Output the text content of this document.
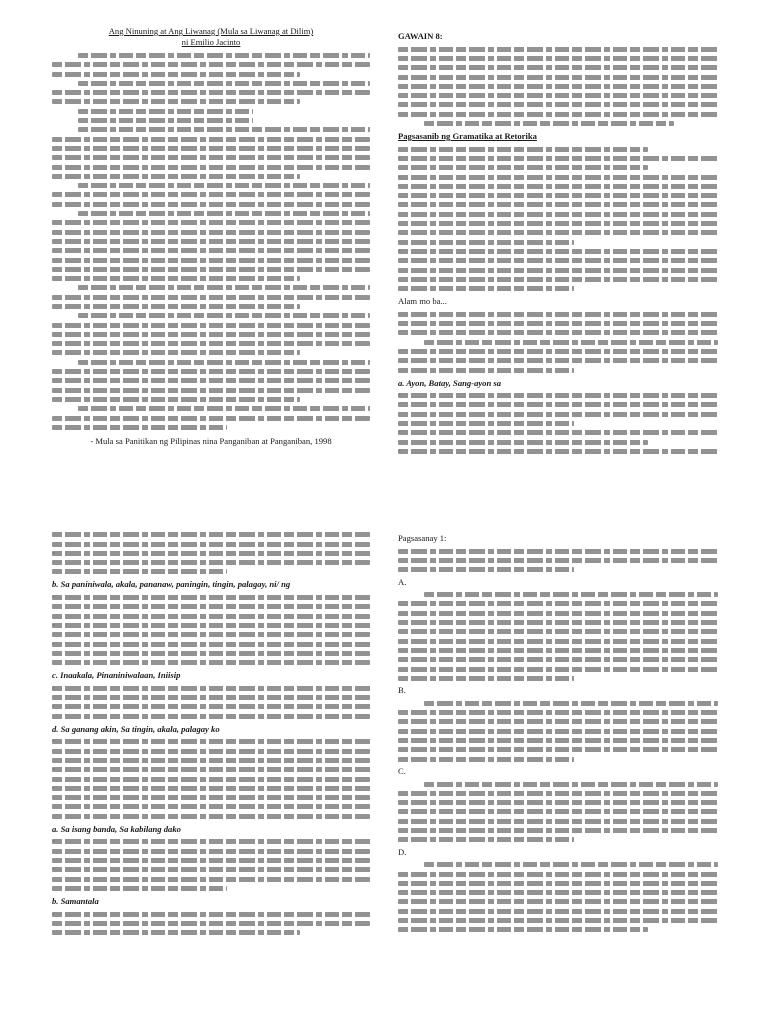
Ang Ninuning at Ang Liwanag (Mula sa Liwanag at Dilim)

ni Emilio Jacinto

- Mula sa Panitikan ng Pilipinas nina Panganiban at Panganiban, 1998

GAWAIN 8:

Pagsasanib ng Gramatika at Retorika

•
•
•

Alam mo ba...

a. Ayon, Batay, Sang-ayon sa

•
•
•
•

b. Sa paniniwala, akala, pananaw, paningin, tingin, palagay, ni/ ng

•
•
•

c. Inaakala, Pinaniniwalaan, Iniisip

•
•

d. Sa ganang akin, Sa tingin, akala, palagay ko

•
•
•

a. Sa isang banda, Sa kabilang dako

•
•

b. Samantala

•

Pagsasanay 1:

A.
B.
C.
D.
